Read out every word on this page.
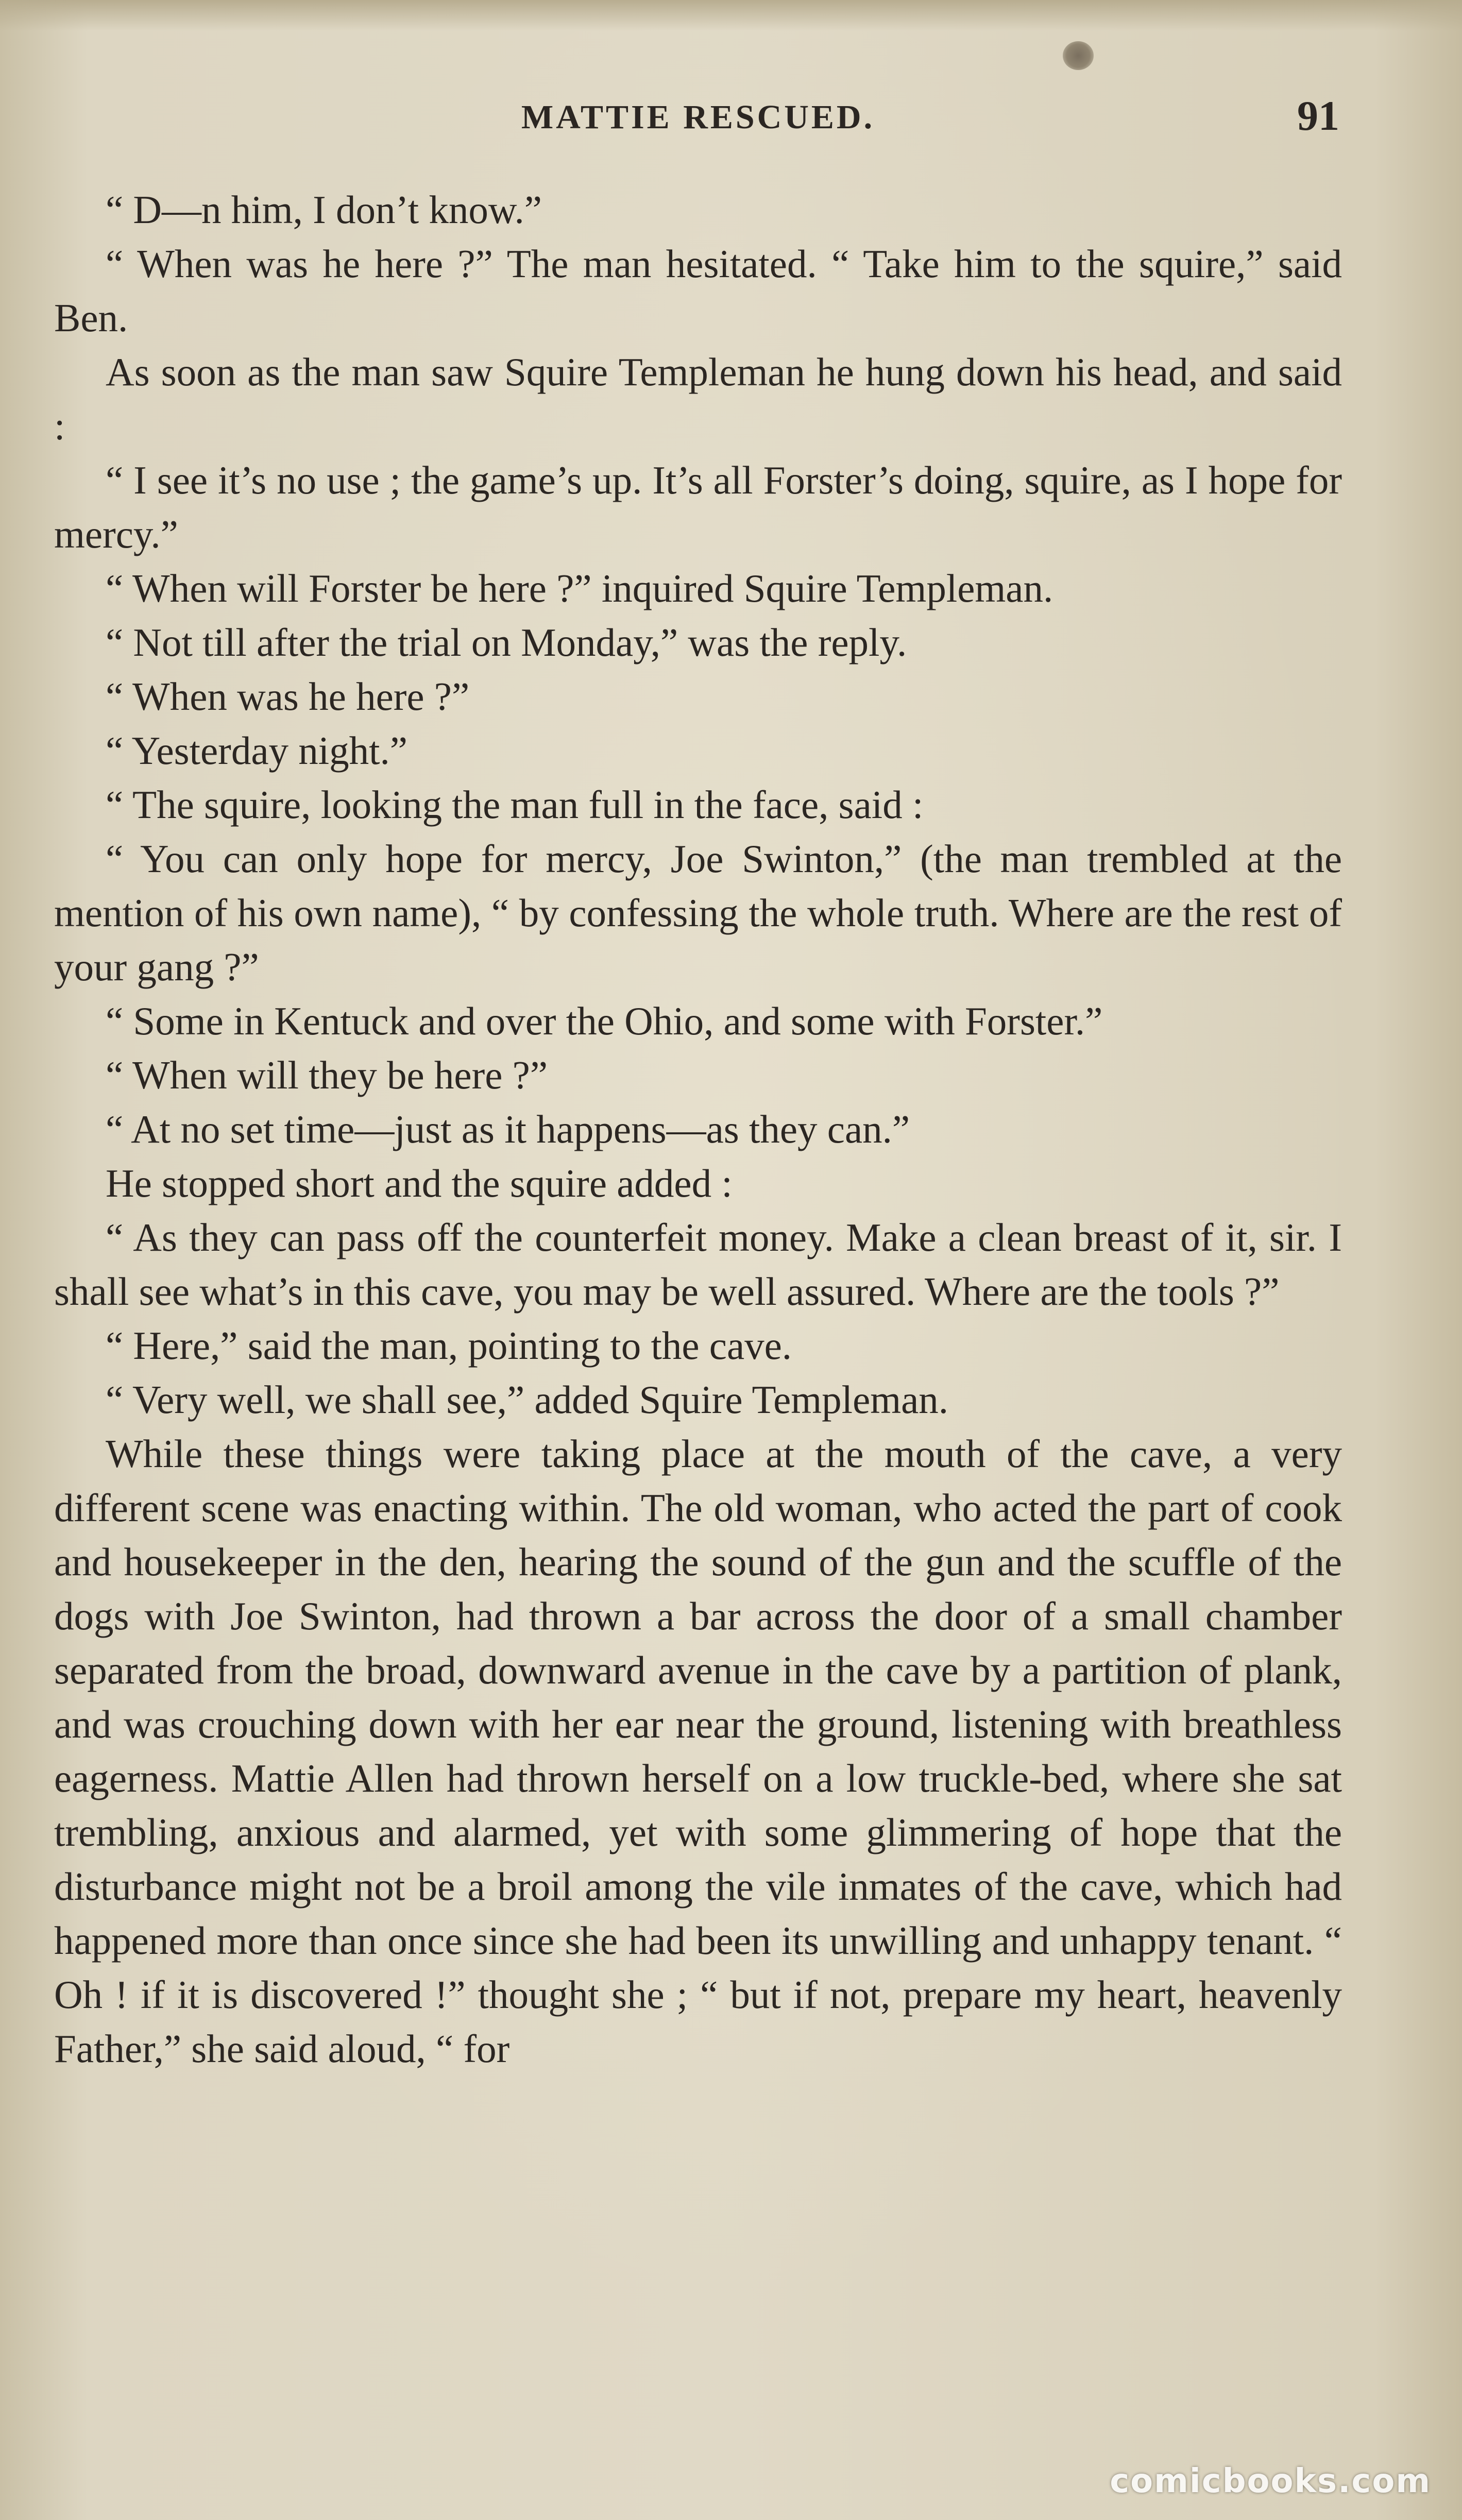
MATTIE RESCUED.	91

“ D—n him, I don’t know.”

“ When was he here ?” The man hesitated. “ Take him to the squire,” said Ben.

As soon as the man saw Squire Templeman he hung down his head, and said :

“ I see it’s no use ; the game’s up. It’s all Forster’s doing, squire, as I hope for mercy.”

“ When will Forster be here ?” inquired Squire Templeman.

“ Not till after the trial on Monday,” was the reply.

“ When was he here ?”

“ Yesterday night.”

“ The squire, looking the man full in the face, said :

“ You can only hope for mercy, Joe Swinton,” (the man trembled at the mention of his own name), “ by confessing the whole truth. Where are the rest of your gang ?”

“ Some in Kentuck and over the Ohio, and some with Forster.”

“ When will they be here ?”

“ At no set time—just as it happens—as they can.”

He stopped short and the squire added :

“ As they can pass off the counterfeit money. Make a clean breast of it, sir. I shall see what’s in this cave, you may be well assured. Where are the tools ?”

“ Here,” said the man, pointing to the cave.

“ Very well, we shall see,” added Squire Templeman.

While these things were taking place at the mouth of the cave, a very different scene was enacting within. The old woman, who acted the part of cook and housekeeper in the den, hearing the sound of the gun and the scuffle of the dogs with Joe Swinton, had thrown a bar across the door of a small chamber separated from the broad, downward avenue in the cave by a partition of plank, and was crouching down with her ear near the ground, listening with breathless eagerness. Mattie Allen had thrown herself on a low truckle-bed, where she sat trembling, anxious and alarmed, yet with some glimmering of hope that the disturbance might not be a broil among the vile inmates of the cave, which had happened more than once since she had been its unwilling and unhappy tenant. “ Oh ! if it is discovered !” thought she ; “ but if not, prepare my heart, heavenly Father,” she said aloud, “ for

comicbooks.com
